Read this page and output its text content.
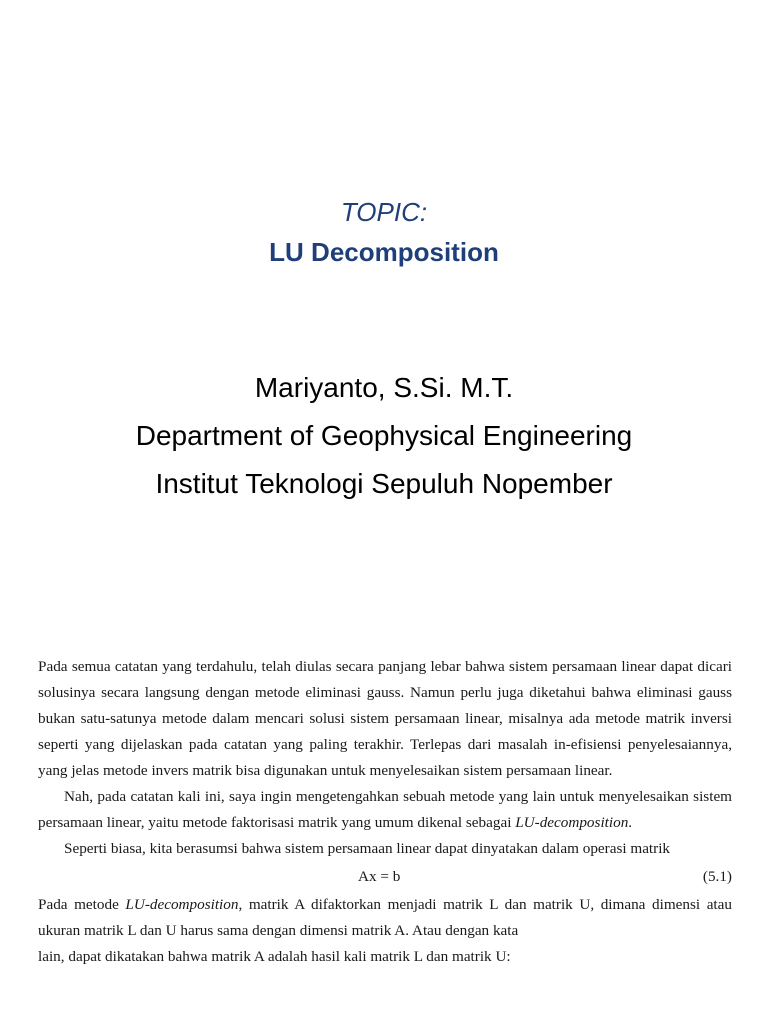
TOPIC:
LU Decomposition
Mariyanto, S.Si. M.T.
Department of Geophysical Engineering
Institut Teknologi Sepuluh Nopember

Pada semua catatan yang terdahulu, telah diulas secara panjang lebar bahwa sistem persamaan linear dapat dicari solusinya secara langsung dengan metode eliminasi gauss. Namun perlu juga diketahui bahwa eliminasi gauss bukan satu-satunya metode dalam mencari solusi sistem persamaan linear, misalnya ada metode matrik inversi seperti yang dijelaskan pada catatan yang paling terakhir. Terlepas dari masalah in-efisiensi penyelesaiannya, yang jelas metode invers matrik bisa digunakan untuk menyelesaikan sistem persamaan linear.

Nah, pada catatan kali ini, saya ingin mengetengahkan sebuah metode yang lain untuk menyelesaikan sistem persamaan linear, yaitu metode faktorisasi matrik yang umum dikenal sebagai LU-decomposition.

Seperti biasa, kita berasumsi bahwa sistem persamaan linear dapat dinyatakan dalam operasi matrik

Ax = b	(5.1)

Pada metode LU-decomposition, matrik A difaktorkan menjadi matrik L dan matrik U, dimana dimensi atau ukuran matrik L dan U harus sama dengan dimensi matrik A. Atau dengan kata

lain, dapat dikatakan bahwa matrik A adalah hasil kali matrik L dan matrik U:
